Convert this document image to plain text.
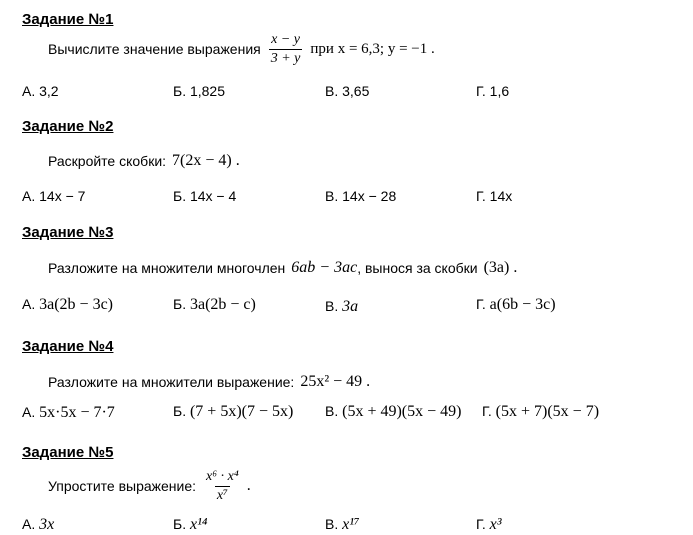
Задание №1
Вычислите значение выражения $\frac{x - y}{3 + y}$ при x = 6,3; y = −1 .
А. 3,2	Б. 1,825	В. 3,65	Г. 1,6
Задание №2
Раскройте скобки: 7(2x − 4) .
А. 14x − 7	Б. 14x − 4	В. 14x − 28	Г. 14x
Задание №3
Разложите на множители многочлен 6ab − 3ac , вынося за скобки (3a) .
А. 3a(2b − 3c)	Б. 3a(2b − c)	В. 3a	Г. a(6b − 3c)
Задание №4
Разложите на множители выражение: 25x² − 49 .
А. 5x·5x − 7·7	Б. (7 + 5x)(7 − 5x) В. (5x + 49)(5x − 49) Г. (5x + 7)(5x − 7)
Задание №5
Упростите выражение: $\frac{\text{x⁶ · x⁴}}{\text{x⁷}}$ .
А. 3x	Б. x¹⁴	В. x¹⁷	Г. x³
